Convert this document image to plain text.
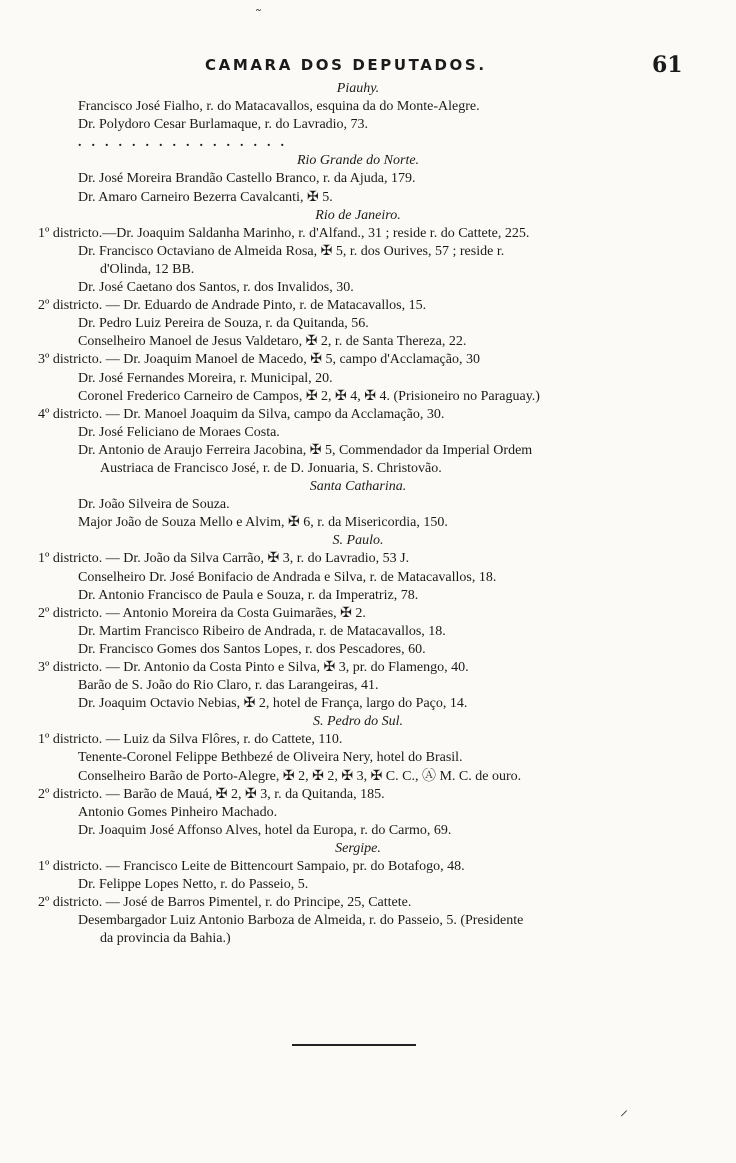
˜
CAMARA DOS DEPUTADOS.	61
Piauhy.
Francisco José Fialho, r. do Matacavallos, esquina da do Monte-Alegre.
Dr. Polydoro Cesar Burlamaque, r. do Lavradio, 73.
................
Rio Grande do Norte.
Dr. José Moreira Brandão Castello Branco, r. da Ajuda, 179.
Dr. Amaro Carneiro Bezerra Cavalcanti, ✠ 5.
Rio de Janeiro.
1º districto.—Dr. Joaquim Saldanha Marinho, r. d'Alfand., 31 ; reside r. do Cattete, 225.
Dr. Francisco Octaviano de Almeida Rosa, ✠ 5, r. dos Ourives, 57 ; reside r.
d'Olinda, 12 BB.
Dr. José Caetano dos Santos, r. dos Invalidos, 30.
2º districto. — Dr. Eduardo de Andrade Pinto, r. de Matacavallos, 15.
Dr. Pedro Luiz Pereira de Souza, r. da Quitanda, 56.
Conselheiro Manoel de Jesus Valdetaro, ✠ 2, r. de Santa Thereza, 22.
3º districto. — Dr. Joaquim Manoel de Macedo, ✠ 5, campo d'Acclamação, 30
Dr. José Fernandes Moreira, r. Municipal, 20.
Coronel Frederico Carneiro de Campos, ✠ 2, ✠ 4, ✠ 4. (Prisioneiro no Paraguay.)
4º districto. — Dr. Manoel Joaquim da Silva, campo da Acclamação, 30.
Dr. José Feliciano de Moraes Costa.
Dr. Antonio de Araujo Ferreira Jacobina, ✠ 5, Commendador da Imperial Ordem
Austriaca de Francisco José, r. de D. Jonuaria, S. Christovão.
Santa Catharina.
Dr. João Silveira de Souza.
Major João de Souza Mello e Alvim, ✠ 6, r. da Misericordia, 150.
S. Paulo.
1º districto. — Dr. João da Silva Carrão, ✠ 3, r. do Lavradio, 53 J.
Conselheiro Dr. José Bonifacio de Andrada e Silva, r. de Matacavallos, 18.
Dr. Antonio Francisco de Paula e Souza, r. da Imperatriz, 78.
2º districto. — Antonio Moreira da Costa Guimarães, ✠ 2.
Dr. Martim Francisco Ribeiro de Andrada, r. de Matacavallos, 18.
Dr. Francisco Gomes dos Santos Lopes, r. dos Pescadores, 60.
3º districto. — Dr. Antonio da Costa Pinto e Silva, ✠ 3, pr. do Flamengo, 40.
Barão de S. João do Rio Claro, r. das Larangeiras, 41.
Dr. Joaquim Octavio Nebias, ✠ 2, hotel de França, largo do Paço, 14.
S. Pedro do Sul.
1º districto. — Luiz da Silva Flôres, r. do Cattete, 110.
Tenente-Coronel Felippe Bethbezé de Oliveira Nery, hotel do Brasil.
Conselheiro Barão de Porto-Alegre, ✠ 2, ✠ 2, ✠ 3, ✠ C. C., Ⓐ M. C. de ouro.
2º districto. — Barão de Mauá, ✠ 2, ✠ 3, r. da Quitanda, 185.
Antonio Gomes Pinheiro Machado.
Dr. Joaquim José Affonso Alves, hotel da Europa, r. do Carmo, 69.
Sergipe.
1º districto. — Francisco Leite de Bittencourt Sampaio, pr. do Botafogo, 48.
Dr. Felippe Lopes Netto, r. do Passeio, 5.
2º districto. — José de Barros Pimentel, r. do Principe, 25, Cattete.
Desembargador Luiz Antonio Barboza de Almeida, r. do Passeio, 5. (Presidente
da provincia da Bahia.)
⸝
